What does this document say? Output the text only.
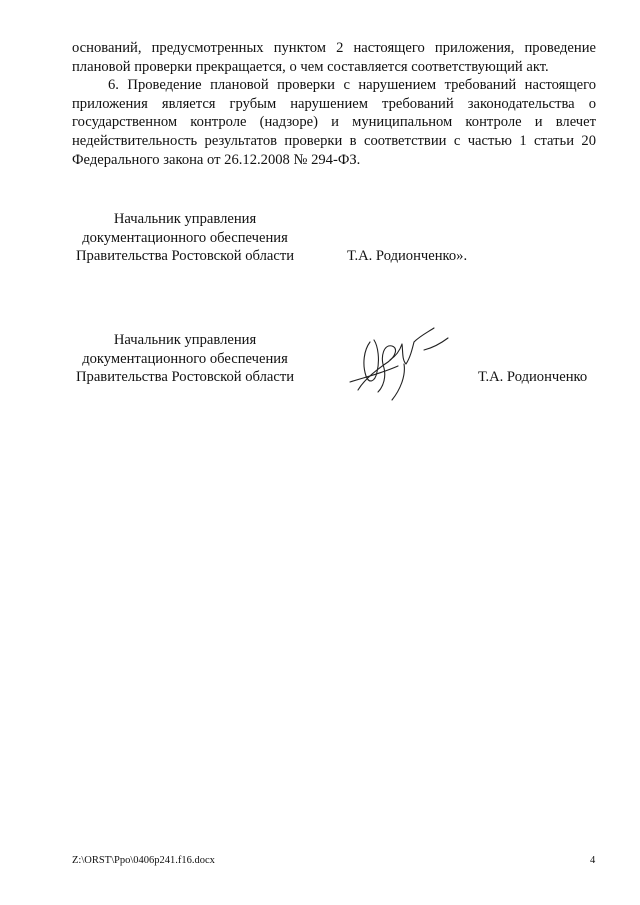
оснований, предусмотренных пунктом 2 настоящего приложения, проведение плановой проверки прекращается, о чем составляется соответствующий акт.

6. Проведение плановой проверки с нарушением требований настоящего приложения является грубым нарушением требований законодательства о государственном контроле (надзоре) и муниципальном контроле и влечет недействительность результатов проверки в соответствии с частью 1 статьи 20 Федерального закона от 26.12.2008 № 294-ФЗ.

Начальник управления
документационного обеспечения
Правительства Ростовской области	Т.А. Родионченко».
Начальник управления
документационного обеспечения
Правительства Ростовской области	Т.А. Родионченко
Z:\ORST\Ppo\0406p241.f16.docx	4
